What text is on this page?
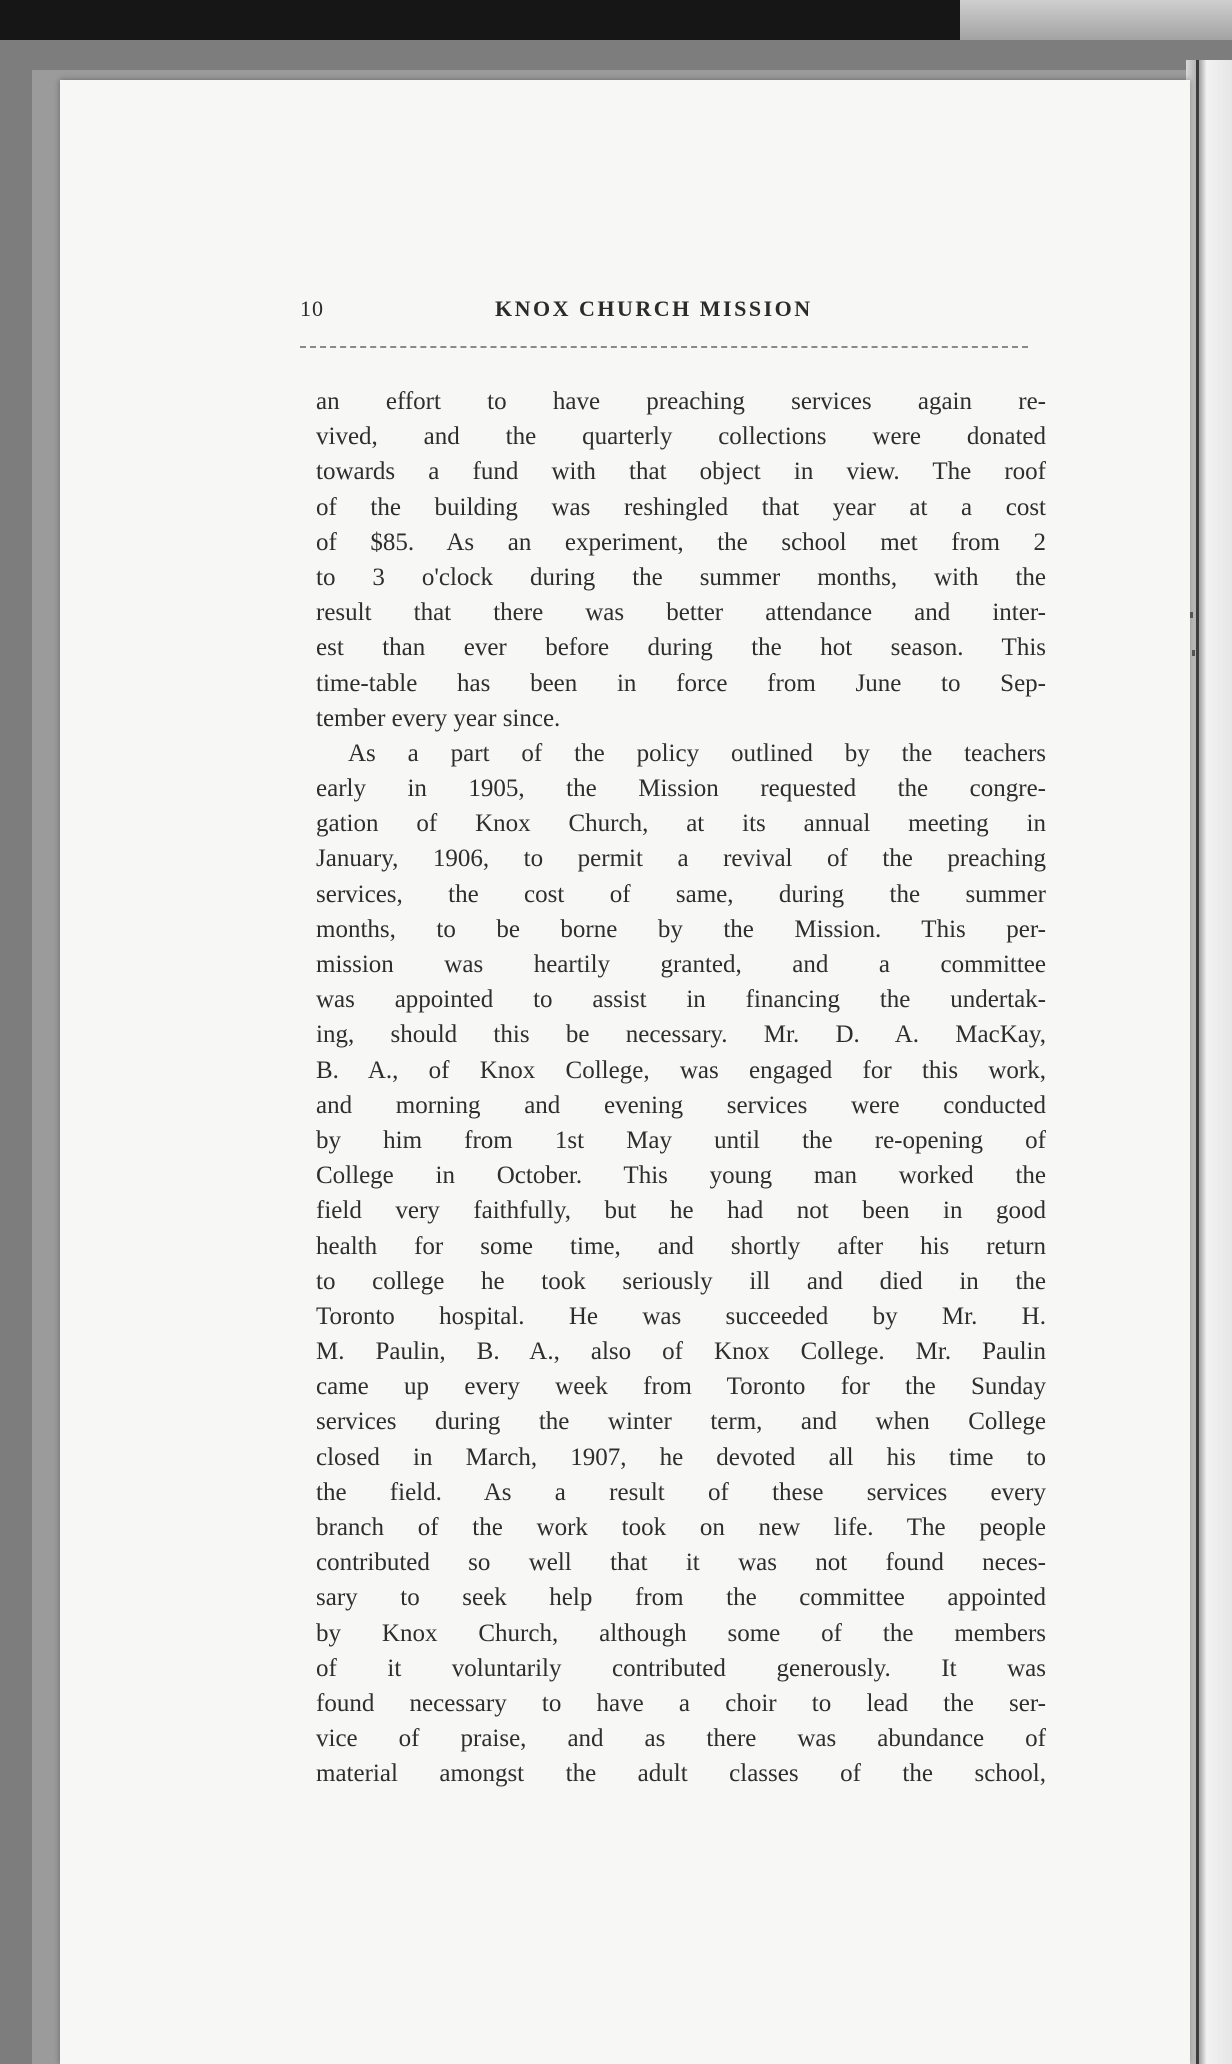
10	KNOX CHURCH MISSION
an effort to have preaching services again re-
vived, and the quarterly collections were donated
towards a fund with that object in view. The roof
of the building was reshingled that year at a cost
of $85. As an experiment, the school met from 2
to 3 o'clock during the summer months, with the
result that there was better attendance and inter-
est than ever before during the hot season. This
time-table has been in force from June to Sep-
tember every year since.
As a part of the policy outlined by the teachers
early in 1905, the Mission requested the congre-
gation of Knox Church, at its annual meeting in
January, 1906, to permit a revival of the preaching
services, the cost of same, during the summer
months, to be borne by the Mission. This per-
mission was heartily granted, and a committee
was appointed to assist in financing the undertak-
ing, should this be necessary. Mr. D. A. MacKay,
B. A., of Knox College, was engaged for this work,
and morning and evening services were conducted
by him from 1st May until the re-opening of
College in October. This young man worked the
field very faithfully, but he had not been in good
health for some time, and shortly after his return
to college he took seriously ill and died in the
Toronto hospital. He was succeeded by Mr. H.
M. Paulin, B. A., also of Knox College. Mr. Paulin
came up every week from Toronto for the Sunday
services during the winter term, and when College
closed in March, 1907, he devoted all his time to
the field. As a result of these services every
branch of the work took on new life. The people
contributed so well that it was not found neces-
sary to seek help from the committee appointed
by Knox Church, although some of the members
of it voluntarily contributed generously. It was
found necessary to have a choir to lead the ser-
vice of praise, and as there was abundance of
material amongst the adult classes of the school,
